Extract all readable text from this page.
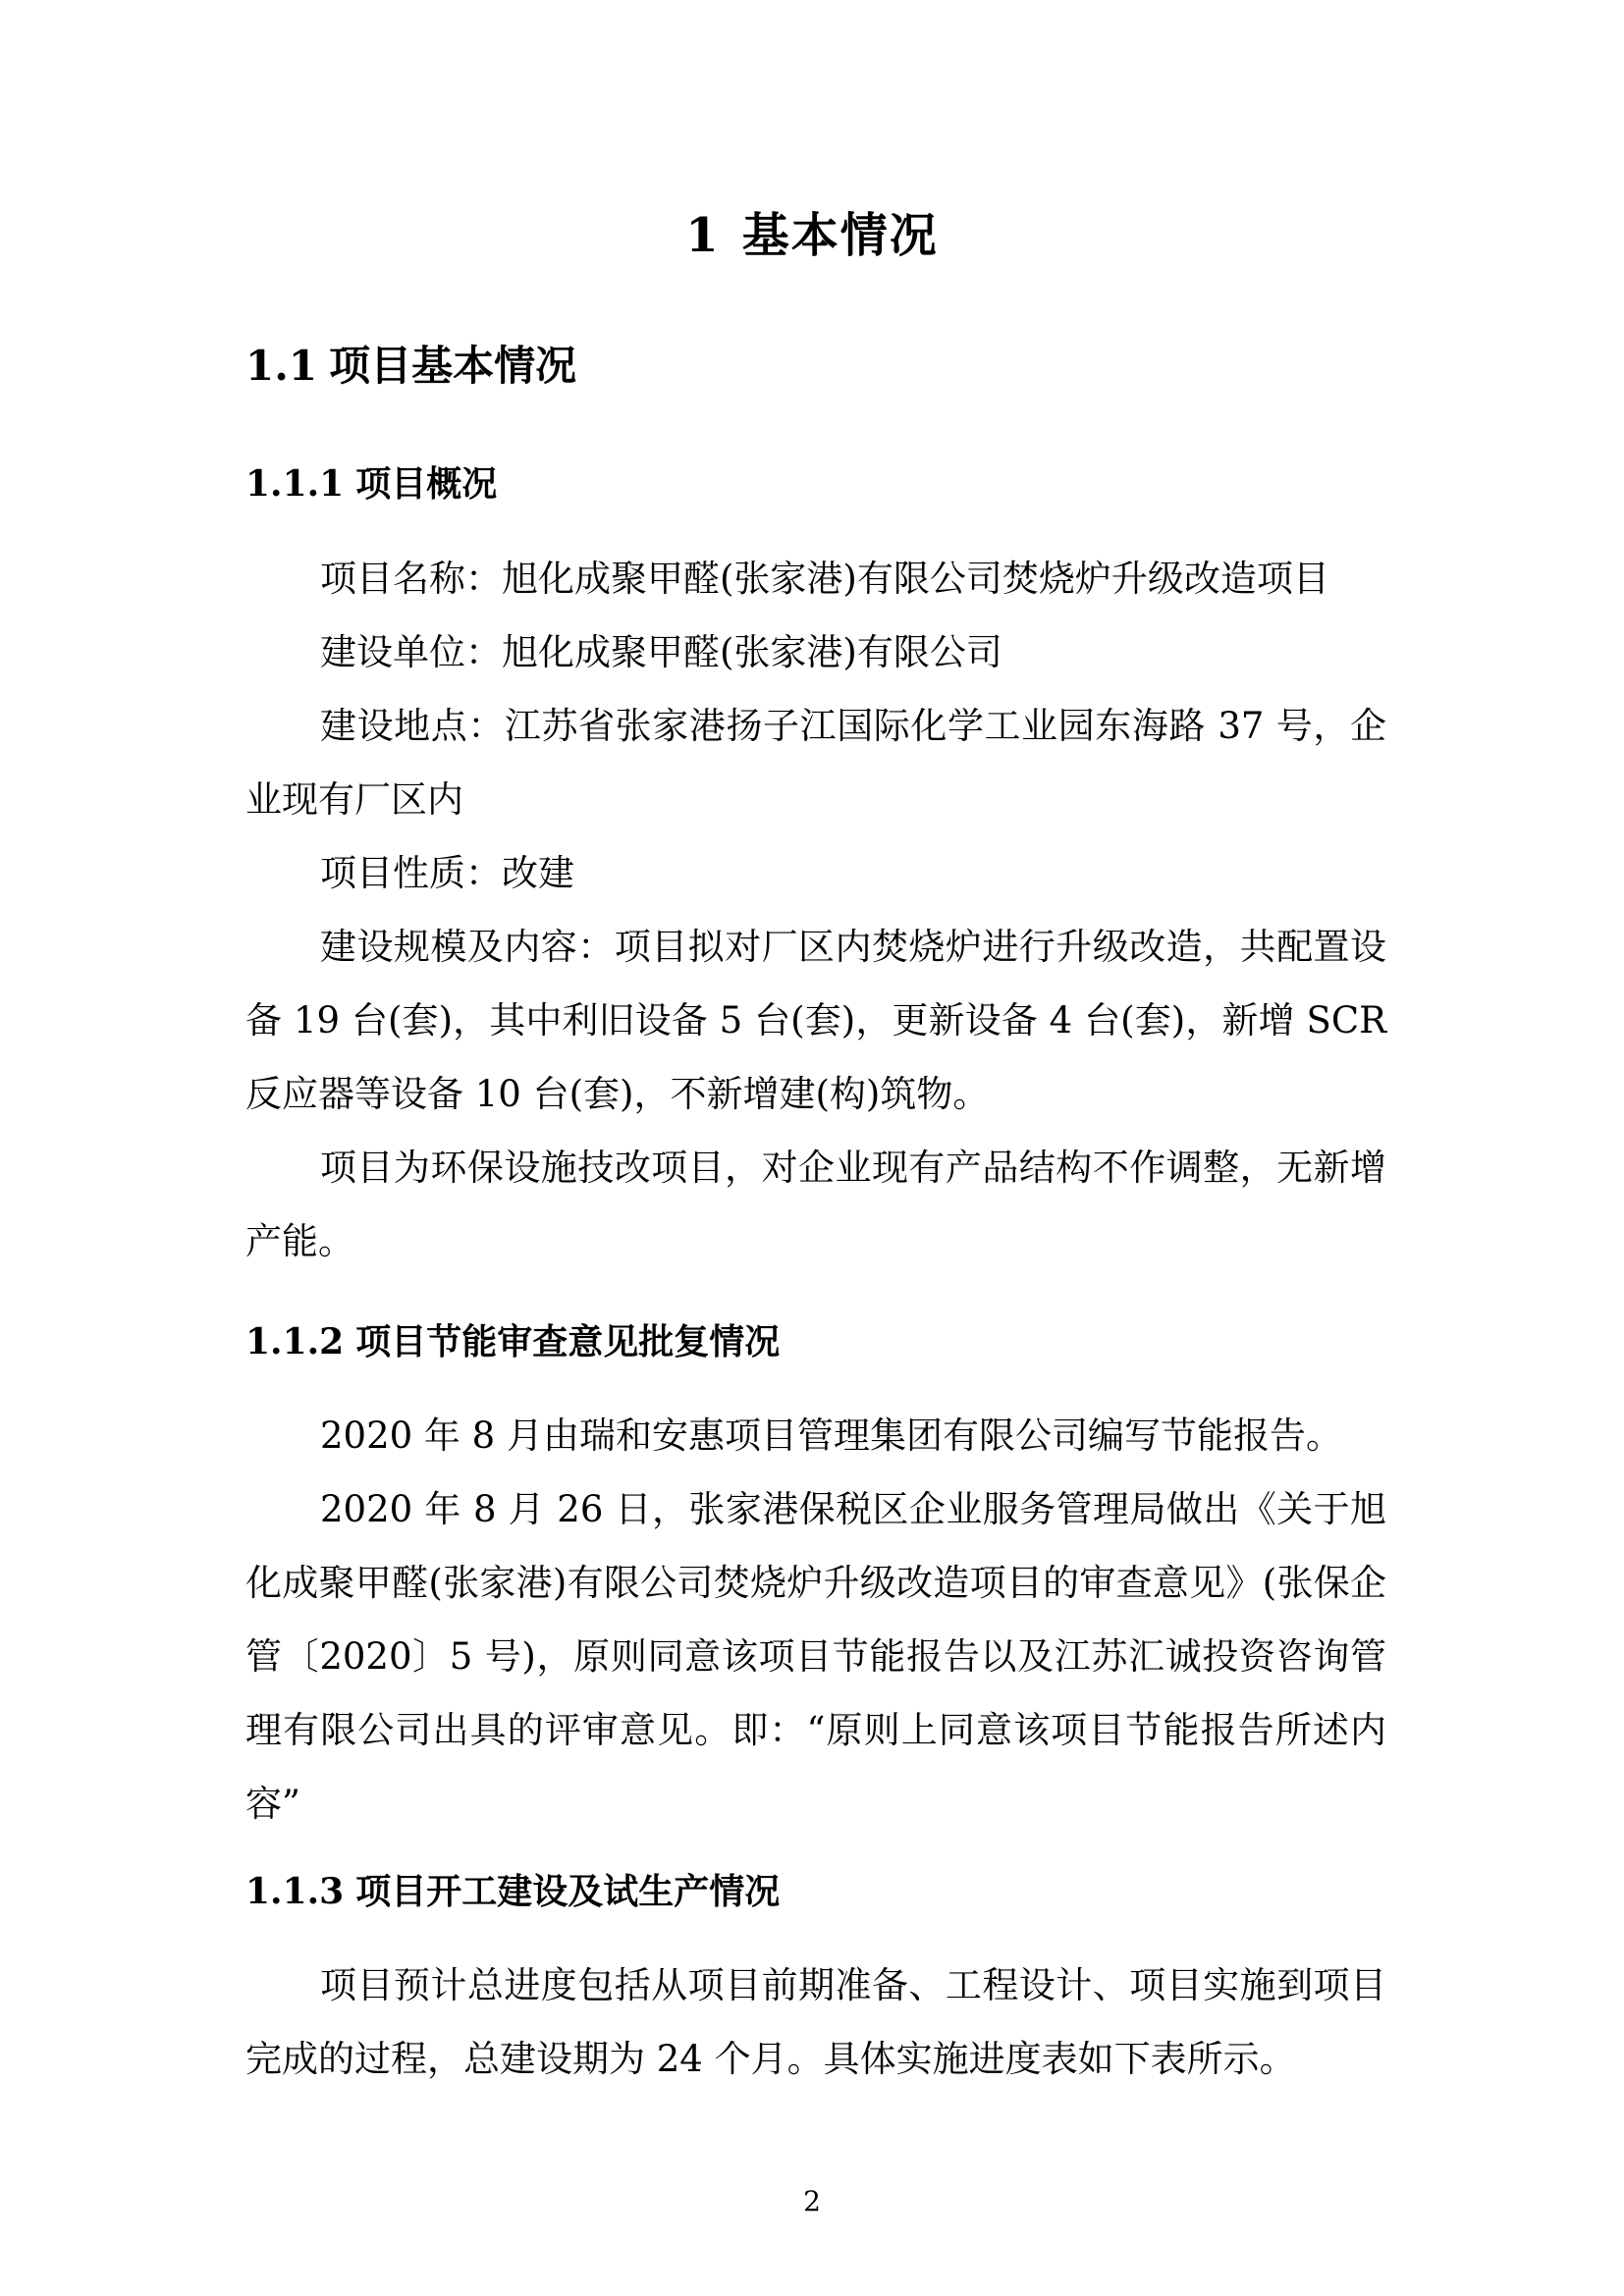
1 基本情况
1.1 项目基本情况
1.1.1 项目概况

项目名称：旭化成聚甲醛(张家港)有限公司焚烧炉升级改造项目

建设单位：旭化成聚甲醛(张家港)有限公司

建设地点：江苏省张家港扬子江国际化学工业园东海路 37 号，企业现有厂区内

项目性质：改建

建设规模及内容：项目拟对厂区内焚烧炉进行升级改造，共配置设备 19 台(套)，其中利旧设备 5 台(套)，更新设备 4 台(套)，新增 SCR 反应器等设备 10 台(套)，不新增建(构)筑物。

项目为环保设施技改项目，对企业现有产品结构不作调整，无新增产能。

1.1.2 项目节能审查意见批复情况

2020 年 8 月由瑞和安惠项目管理集团有限公司编写节能报告。

2020 年 8 月 26 日，张家港保税区企业服务管理局做出《关于旭化成聚甲醛(张家港)有限公司焚烧炉升级改造项目的审查意见》(张保企管〔2020〕5 号)，原则同意该项目节能报告以及江苏汇诚投资咨询管理有限公司出具的评审意见。即：“原则上同意该项目节能报告所述内容”

1.1.3 项目开工建设及试生产情况

项目预计总进度包括从项目前期准备、工程设计、项目实施到项目完成的过程，总建设期为 24 个月。具体实施进度表如下表所示。

2
